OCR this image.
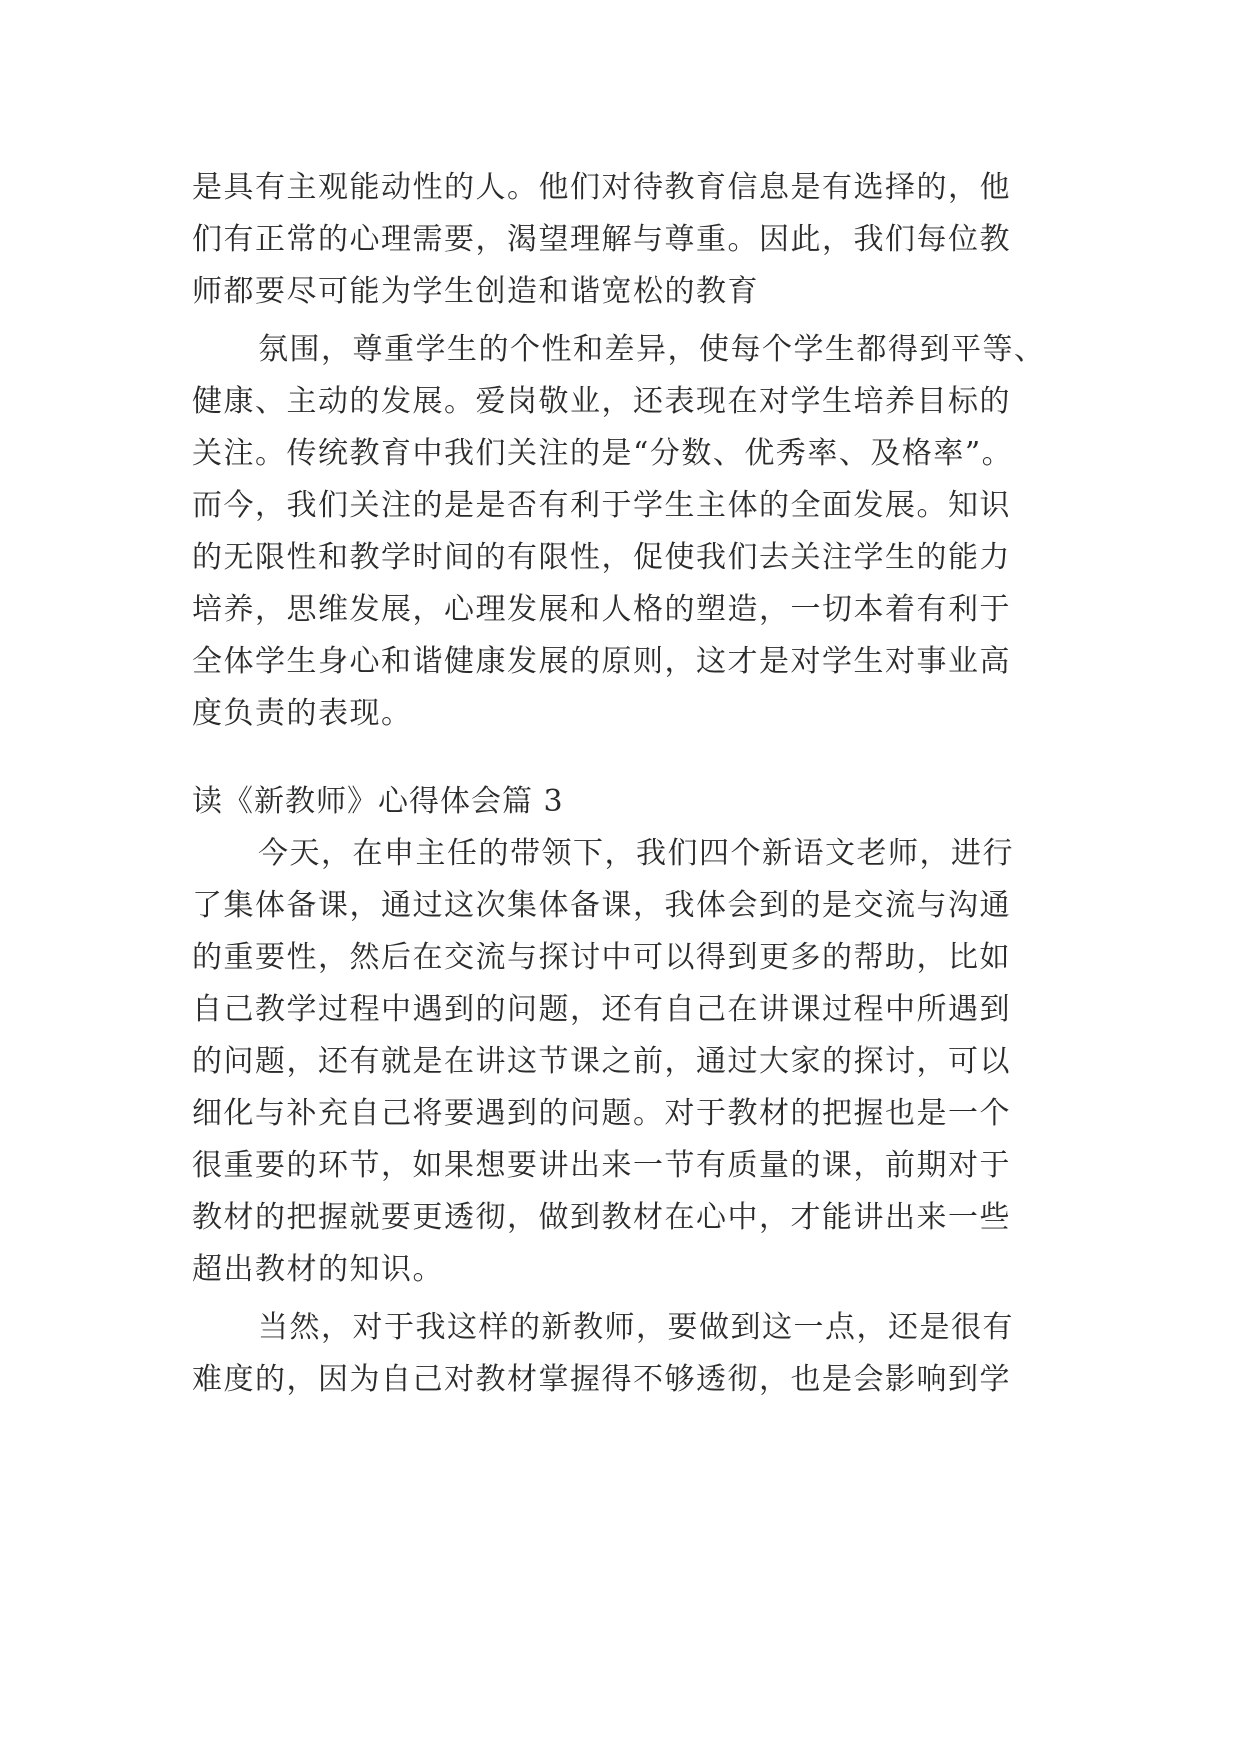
是具有主观能动性的人。他们对待教育信息是有选择的，他
们有正常的心理需要，渴望理解与尊重。因此，我们每位教
师都要尽可能为学生创造和谐宽松的教育
氛围，尊重学生的个性和差异，使每个学生都得到平等、
健康、主动的发展。爱岗敬业，还表现在对学生培养目标的
关注。传统教育中我们关注的是“分数、优秀率、及格率”。
而今，我们关注的是是否有利于学生主体的全面发展。知识
的无限性和教学时间的有限性，促使我们去关注学生的能力
培养，思维发展，心理发展和人格的塑造，一切本着有利于
全体学生身心和谐健康发展的原则，这才是对学生对事业高
度负责的表现。
读《新教师》心得体会篇 3
今天，在申主任的带领下，我们四个新语文老师，进行
了集体备课，通过这次集体备课，我体会到的是交流与沟通
的重要性，然后在交流与探讨中可以得到更多的帮助，比如
自己教学过程中遇到的问题，还有自己在讲课过程中所遇到
的问题，还有就是在讲这节课之前，通过大家的探讨，可以
细化与补充自己将要遇到的问题。对于教材的把握也是一个
很重要的环节，如果想要讲出来一节有质量的课，前期对于
教材的把握就要更透彻，做到教材在心中，才能讲出来一些
超出教材的知识。
当然，对于我这样的新教师，要做到这一点，还是很有
难度的，因为自己对教材掌握得不够透彻，也是会影响到学
